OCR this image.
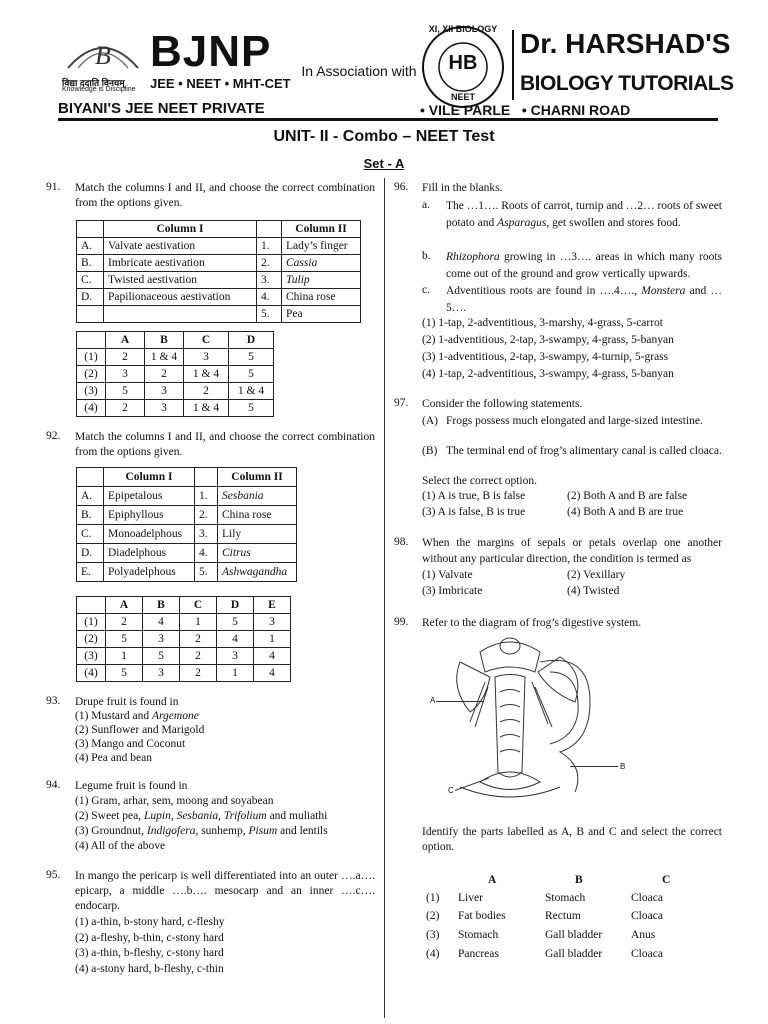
B
विद्या ददाति विनयम्
Knowledge is Discipline
BJNP
JEE • NEET • MHT-CET
BIYANI'S JEE NEET PRIVATE
In Association with
XI, XII BIOLOGY
HB
NEET
Dr. HARSHAD'S
BIOLOGY TUTORIALS
• VILE PARLE   • CHARNI ROAD
UNIT- II - Combo – NEET Test
Set - A
91. Match the columns I and II, and choose the correct combination from the options given.
	Column I		Column II
A.	Valvate aestivation	1.	Lady’s finger
B.	Imbricate aestivation	2.	Cassia
C.	Twisted aestivation	3.	Tulip
D.	Papilionaceous aestivation	4.	China rose
		5.	Pea
	A	B	C	D
(1)	2	1 & 4	3	5
(2)	3	2	1 & 4	5
(3)	5	3	2	1 & 4
(4)	2	3	1 & 4	5
92. Match the columns I and II, and choose the correct combination from the options given.
	Column I		Column II
A.	Epipetalous	1.	Sesbania
B.	Epiphyllous	2.	China rose
C.	Monoadelphous	3.	Lily
D.	Diadelphous	4.	Citrus
E.	Polyadelphous	5.	Ashwagandha
	A	B	C	D	E
(1)	2	4	1	5	3
(2)	5	3	2	4	1
(3)	1	5	2	3	4
(4)	5	3	2	1	4
93. Drupe fruit is found in
(1) Mustard and Argemone
(2) Sunflower and Marigold
(3) Mango and Coconut
(4) Pea and bean
94. Legume fruit is found in
(1) Gram, arhar, sem, moong and soyabean
(2) Sweet pea, Lupin, Sesbania, Trifolium and muliathi
(3) Groundnut, Indigofera, sunhemp, Pisum and lentils
(4) All of the above
95. In mango the pericarp is well differentiated into an outer ….a…. epicarp, a middle ….b…. mesocarp and an inner ….c…. endocarp.
(1) a-thin, b-stony hard, c-fleshy
(2) a-fleshy, b-thin, c-stony hard
(3) a-thin, b-fleshy, c-stony hard
(4) a-stony hard, b-fleshy, c-thin
96. Fill in the blanks.
a. The …1…. Roots of carrot, turnip and …2… roots of sweet potato and Asparagus, get swollen and stores food.
b. Rhizophora growing in …3…. areas in which many roots come out of the ground and grow vertically upwards.
c. Adventitious roots are found in ….4…., Monstera and …5….
(1) 1-tap, 2-adventitious, 3-marshy, 4-grass, 5-carrot
(2) 1-adventitious, 2-tap, 3-swampy, 4-grass, 5-banyan
(3) 1-adventitious, 2-tap, 3-swampy, 4-turnip, 5-grass
(4) 1-tap, 2-adventitious, 3-swampy, 4-grass, 5-banyan
97. Consider the following statements.
(A) Frogs possess much elongated and large-sized intestine.
(B) The terminal end of frog’s alimentary canal is called cloaca.
Select the correct option.
(1) A is true, B is false	(2) Both A and B are false
(3) A is false, B is true	(4) Both A and B are true
98. When the margins of sepals or petals overlap one another without any particular direction, the condition is termed as
(1) Valvate	(2) Vexillary
(3) Imbricate	(4) Twisted
99. Refer to the diagram of frog’s digestive system.
A
B
C
Identify the parts labelled as A, B and C and select the correct option.
A	B	C
(1) Liver	Stomach	Cloaca
(2) Fat bodies	Rectum	Cloaca
(3) Stomach	Gall bladder	Anus
(4) Pancreas	Gall bladder	Cloaca
